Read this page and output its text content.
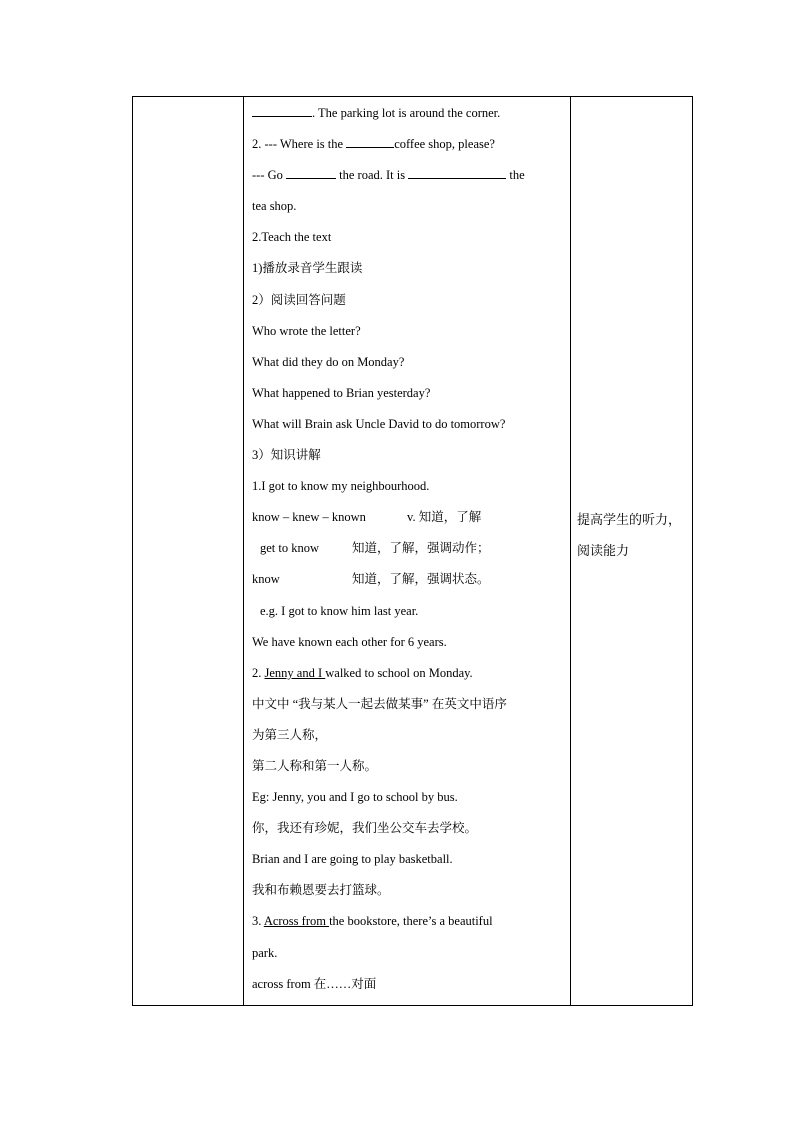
. The parking lot is around the corner.
2. --- Where is the	coffee shop, please?
--- Go	the road. It is	the
tea shop.
2.Teach the text
1)播放录音学生跟读
2）阅读回答问题
Who wrote the letter?
What did they do on Monday?
What happened to Brian yesterday?
What will Brain ask Uncle David to do tomorrow?
3）知识讲解
1.I got to know my neighbourhood.
know – knew – known	v. 知道，了解
get to know	知道，了解，强调动作；
know	知道，了解，强调状态。
e.g. I got to know him last year.
We have known each other for 6 years.
2. Jenny and I walked to school on Monday.
中文中 “我与某人一起去做某事” 在英文中语序
为第三人称，
第二人称和第一人称。
Eg: Jenny, you and I go to school by bus.
你，我还有珍妮，我们坐公交车去学校。
Brian and I are going to play basketball.
我和布赖恩要去打篮球。
3. Across from the bookstore, there’s a beautiful
park.
across from 在……对面

提高学生的听力，
阅读能力
